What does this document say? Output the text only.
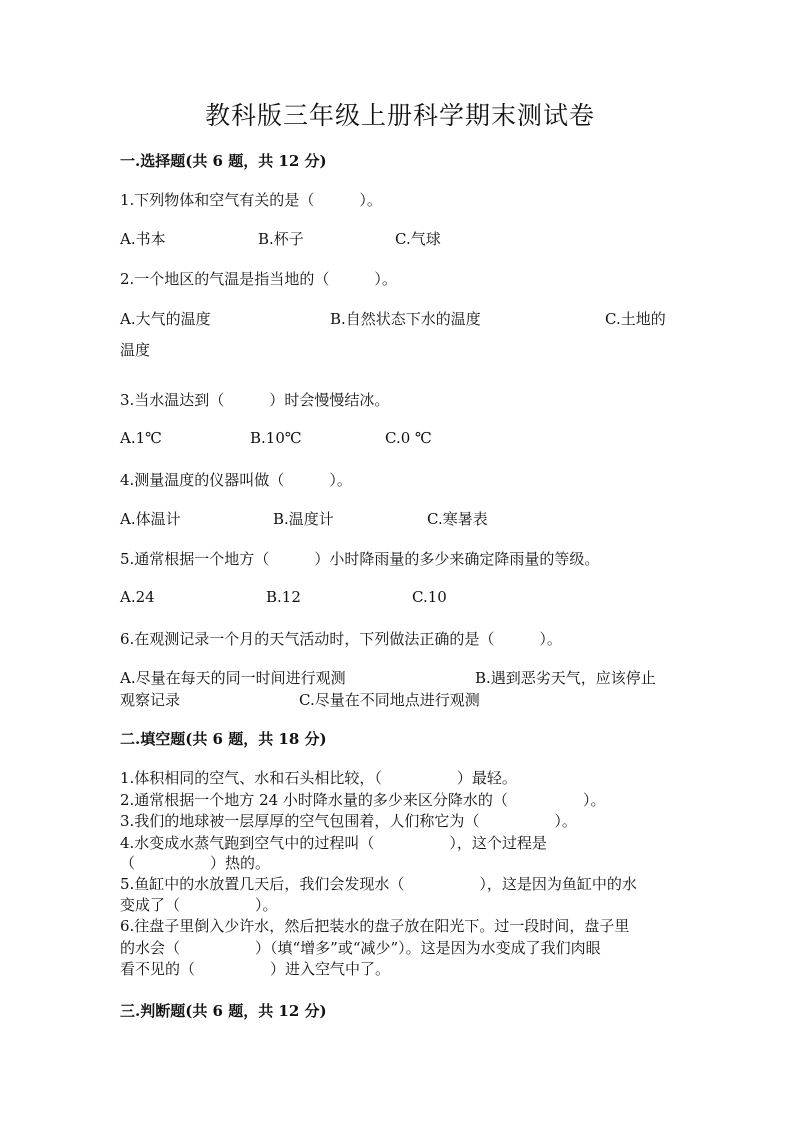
教科版三年级上册科学期末测试卷
一.选择题(共 6 题，共 12 分)
1.下列物体和空气有关的是（　　　）。
A.书本	B.杯子	C.气球
2.一个地区的气温是指当地的（　　　）。
A.大气的温度	B.自然状态下水的温度	C.土地的
温度
3.当水温达到（　　　）时会慢慢结冰。
A.1℃	B.10℃	C.0 ℃
4.测量温度的仪器叫做（　　　）。
A.体温计	B.温度计	C.寒暑表
5.通常根据一个地方（　　　）小时降雨量的多少来确定降雨量的等级。
A.24	B.12	C.10
6.在观测记录一个月的天气活动时，下列做法正确的是（　　　）。
A.尽量在每天的同一时间进行观测	B.遇到恶劣天气，应该停止
观察记录	C.尽量在不同地点进行观测
二.填空题(共 6 题，共 18 分)
1.体积相同的空气、水和石头相比较，（　　　　　）最轻。
2.通常根据一个地方 24 小时降水量的多少来区分降水的（　　　　　）。
3.我们的地球被一层厚厚的空气包围着，人们称它为（　　　　　）。
4.水变成水蒸气跑到空气中的过程叫（　　　　　），这个过程是
（　　　　　）热的。
5.鱼缸中的水放置几天后，我们会发现水（　　　　　），这是因为鱼缸中的水
变成了（　　　　　）。
6.往盘子里倒入少许水，然后把装水的盘子放在阳光下。过一段时间，盘子里
的水会（　　　　　）（填“增多”或“减少”）。这是因为水变成了我们肉眼
看不见的（　　　　　）进入空气中了。
三.判断题(共 6 题，共 12 分)
